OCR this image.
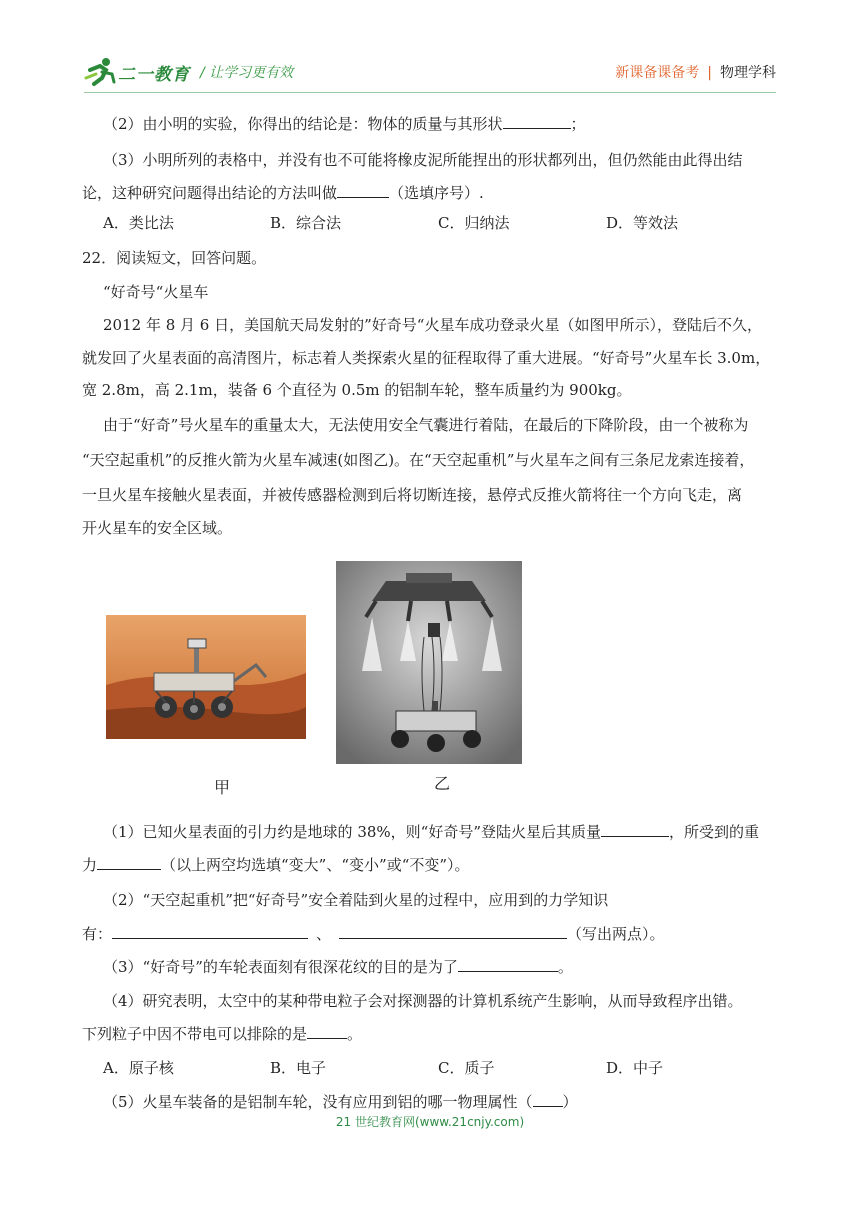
二一教育 / 让学习更有效	新课备课备考 | 物理学科
（2）由小明的实验，你得出的结论是：物体的质量与其形状	；
（3）小明所列的表格中，并没有也不可能将橡皮泥所能捏出的形状都列出，但仍然能由此得出结
论，这种研究问题得出结论的方法叫做	（选填序号）.
A．类比法	B．综合法	C．归纳法	D．等效法
22．阅读短文，回答问题。
“好奇号“火星车
2012 年 8 月 6 日，美国航天局发射的”好奇号“火星车成功登录火星（如图甲所示），登陆后不久，
就发回了火星表面的高清图片，标志着人类探索火星的征程取得了重大进展。“好奇号”火星车长 3.0m，
宽 2.8m，高 2.1m，装备 6 个直径为 0.5m 的铝制车轮，整车质量约为 900kg。
由于“好奇”号火星车的重量太大，无法使用安全气囊进行着陆，在最后的下降阶段，由一个被称为
“天空起重机”的反推火箭为火星车减速(如图乙)。在“天空起重机”与火星车之间有三条尼龙索连接着，
一旦火星车接触火星表面，并被传感器检测到后将切断连接，悬停式反推火箭将往一个方向飞走，离
开火星车的安全区域。
甲	乙
（1）已知火星表面的引力约是地球的 38%，则“好奇号”登陆火星后其质量	，所受到的重
力	（以上两空均选填“变大”、“变小”或“不变”）。
（2）“天空起重机”把“好奇号”安全着陆到火星的过程中，应用到的力学知识
有：	、	（写出两点）。
（3）“好奇号”的车轮表面刻有很深花纹的目的是为了	。
（4）研究表明，太空中的某种带电粒子会对探测器的计算机系统产生影响，从而导致程序出错。
下列粒子中因不带电可以排除的是	。
A．原子核	B．电子	C．质子	D．中子
（5）火星车装备的是铝制车轮，没有应用到铝的哪一物理属性（ ）
21 世纪教育网(www.21cnjy.com)
